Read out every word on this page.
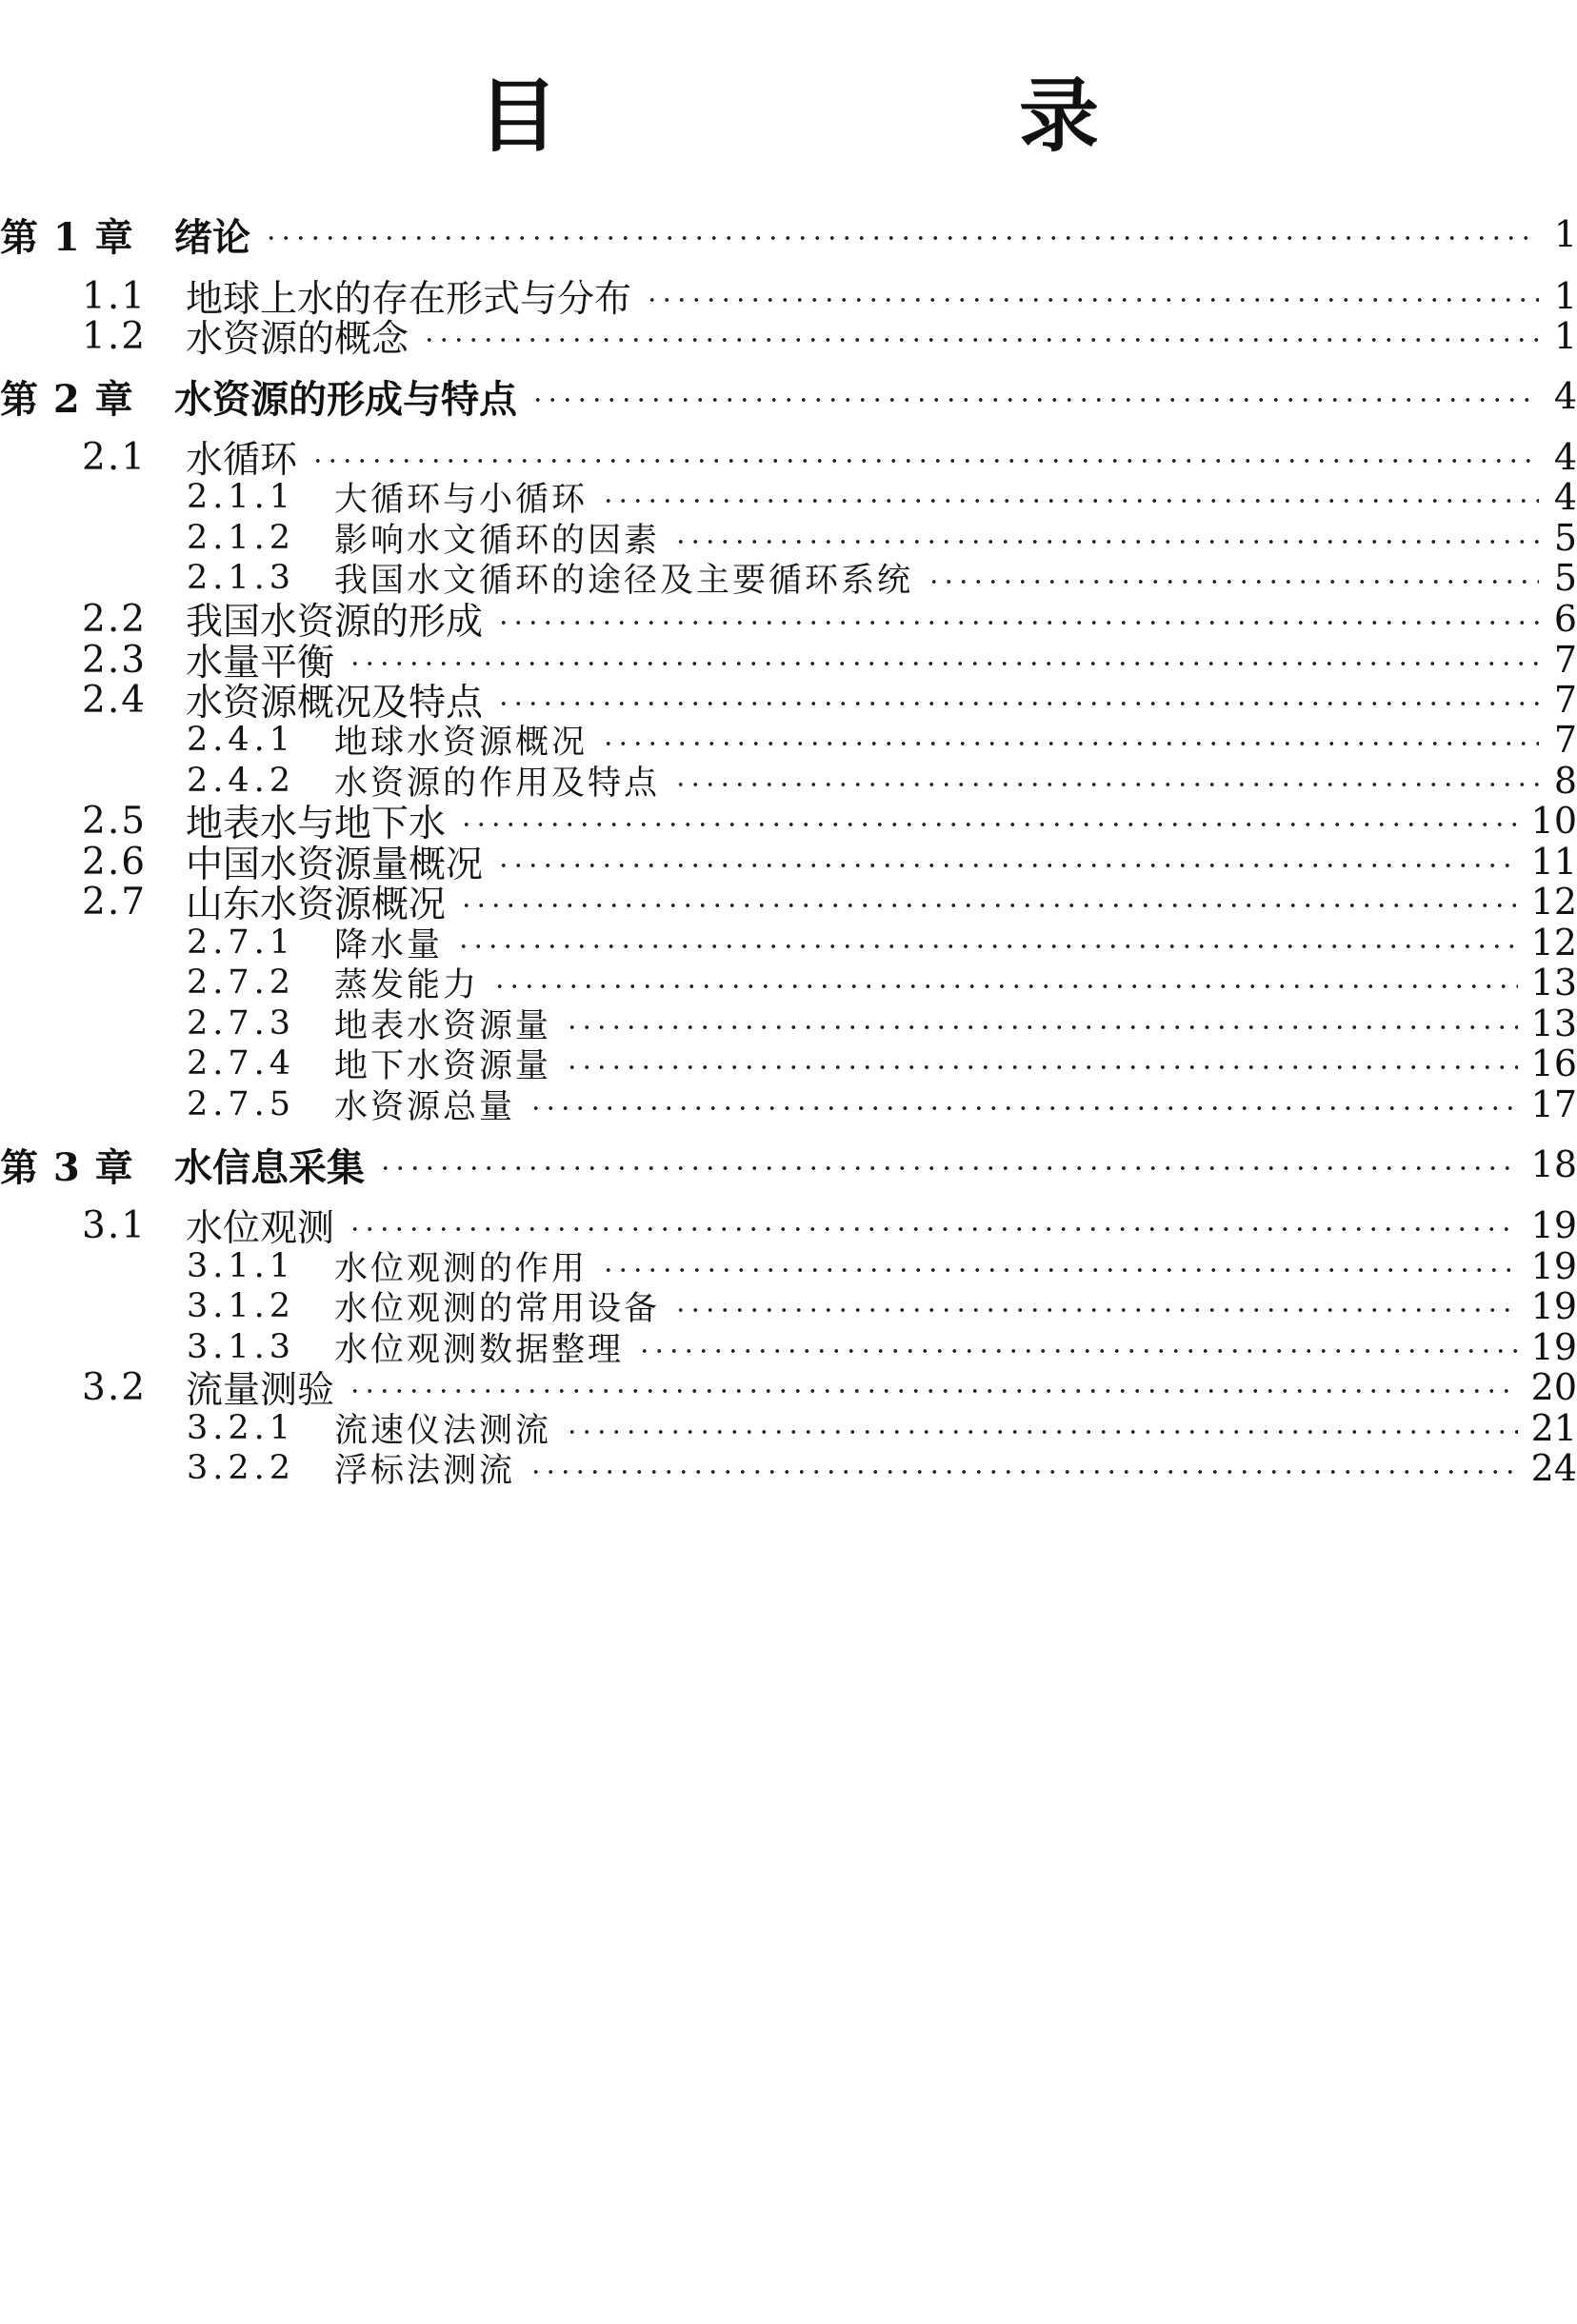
目　录
第 1 章	绪论	1
1.1	地球上水的存在形式与分布	1
1.2	水资源的概念	1
第 2 章	水资源的形成与特点	4
2.1	水循环	4
2.1.1	大循环与小循环	4
2.1.2	影响水文循环的因素	5
2.1.3	我国水文循环的途径及主要循环系统	5
2.2	我国水资源的形成	6
2.3	水量平衡	7
2.4	水资源概况及特点	7
2.4.1	地球水资源概况	7
2.4.2	水资源的作用及特点	8
2.5	地表水与地下水	10
2.6	中国水资源量概况	11
2.7	山东水资源概况	12
2.7.1	降水量	12
2.7.2	蒸发能力	13
2.7.3	地表水资源量	13
2.7.4	地下水资源量	16
2.7.5	水资源总量	17
第 3 章	水信息采集	18
3.1	水位观测	19
3.1.1	水位观测的作用	19
3.1.2	水位观测的常用设备	19
3.1.3	水位观测数据整理	19
3.2	流量测验	20
3.2.1	流速仪法测流	21
3.2.2	浮标法测流	24
